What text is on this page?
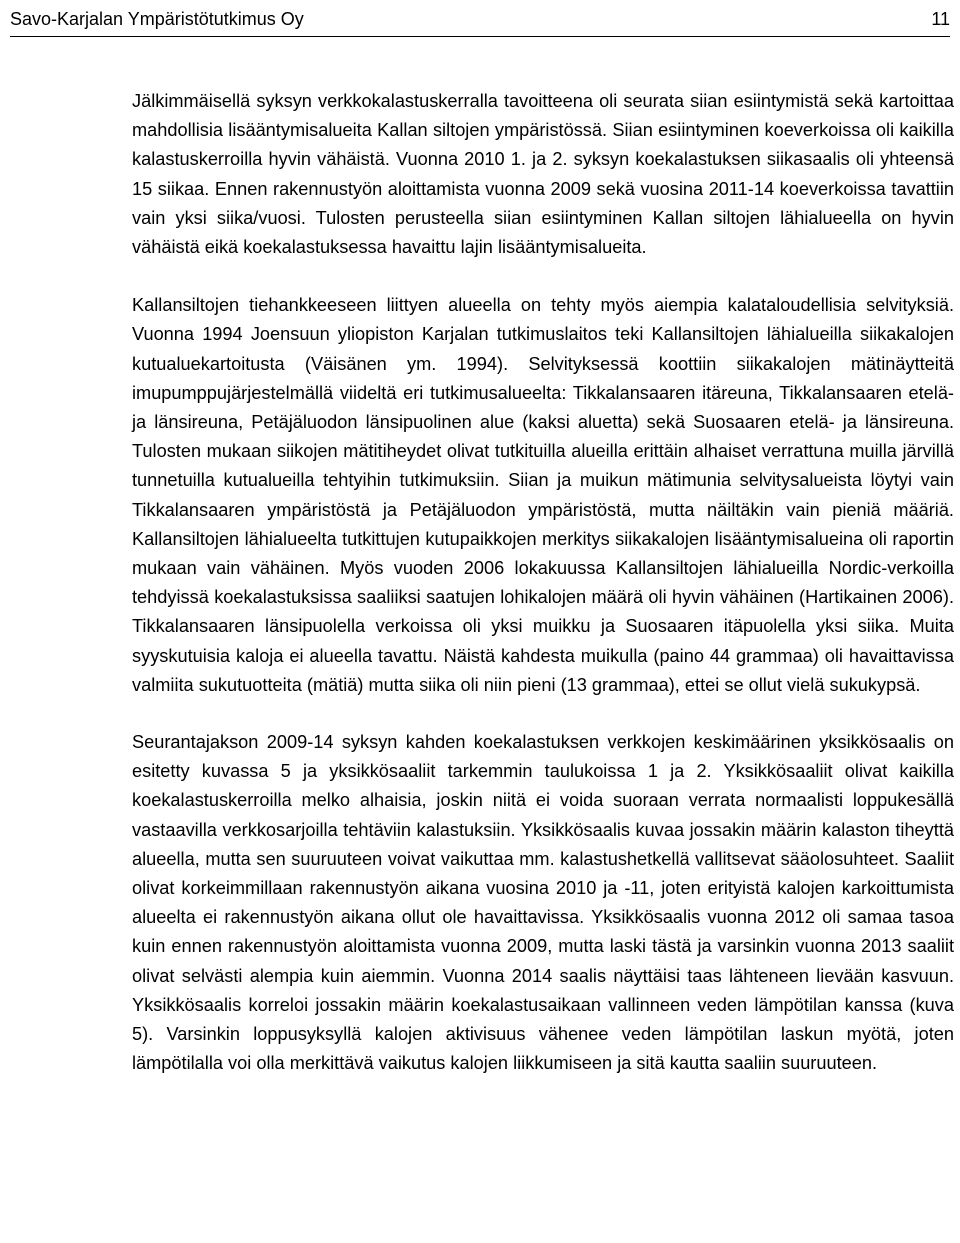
Savo-Karjalan Ympäristötutkimus Oy	11

Jälkimmäisellä syksyn verkkokalastuskerralla tavoitteena oli seurata siian esiintymistä sekä kartoittaa mahdollisia lisääntymisalueita Kallan siltojen ympäristössä. Siian esiintyminen koeverkoissa oli kaikilla kalastuskerroilla hyvin vähäistä. Vuonna 2010 1. ja 2. syksyn koekalastuksen siikasaalis oli yhteensä 15 siikaa. Ennen rakennustyön aloittamista vuonna 2009 sekä vuosina 2011-14 koeverkoissa tavattiin vain yksi siika/vuosi. Tulosten perusteella siian esiintyminen Kallan siltojen lähialueella on hyvin vähäistä eikä koekalastuksessa havaittu lajin lisääntymisalueita.

Kallansiltojen tiehankkeeseen liittyen alueella on tehty myös aiempia kalataloudellisia selvityksiä. Vuonna 1994 Joensuun yliopiston Karjalan tutkimuslaitos teki Kallansiltojen lähialueilla siikakalojen kutualuekartoitusta (Väisänen ym. 1994). Selvityksessä koottiin siikakalojen mätinäytteitä imupumppujärjestelmällä viideltä eri tutkimusalueelta: Tikkalansaaren itäreuna, Tikkalansaaren etelä- ja länsireuna, Petäjäluodon länsipuolinen alue (kaksi aluetta) sekä Suosaaren etelä- ja länsireuna. Tulosten mukaan siikojen mätitiheydet olivat tutkituilla alueilla erittäin alhaiset verrattuna muilla järvillä tunnetuilla kutualueilla tehtyihin tutkimuksiin. Siian ja muikun mätimunia selvitysalueista löytyi vain Tikkalansaaren ympäristöstä ja Petäjäluodon ympäristöstä, mutta näiltäkin vain pieniä määriä. Kallansiltojen lähialueelta tutkittujen kutupaikkojen merkitys siikakalojen lisääntymisalueina oli raportin mukaan vain vähäinen. Myös vuoden 2006 lokakuussa Kallansiltojen lähialueilla Nordic-verkoilla tehdyissä koekalastuksissa saaliiksi saatujen lohikalojen määrä oli hyvin vähäinen (Hartikainen 2006). Tikkalansaaren länsipuolella verkoissa oli yksi muikku ja Suosaaren itäpuolella yksi siika. Muita syyskutuisia kaloja ei alueella tavattu. Näistä kahdesta muikulla (paino 44 grammaa) oli havaittavissa valmiita sukutuotteita (mätiä) mutta siika oli niin pieni (13 grammaa), ettei se ollut vielä sukukypsä.

Seurantajakson 2009-14 syksyn kahden koekalastuksen verkkojen keskimäärinen yksikkösaalis on esitetty kuvassa 5 ja yksikkösaaliit tarkemmin taulukoissa 1 ja 2. Yksikkösaaliit olivat kaikilla koekalastuskerroilla melko alhaisia, joskin niitä ei voida suoraan verrata normaalisti loppukesällä vastaavilla verkkosarjoilla tehtäviin kalastuksiin. Yksikkösaalis kuvaa jossakin määrin kalaston tiheyttä alueella, mutta sen suuruuteen voivat vaikuttaa mm. kalastushetkellä vallitsevat sääolosuhteet. Saaliit olivat korkeimmillaan rakennustyön aikana vuosina 2010 ja -11, joten erityistä kalojen karkoittumista alueelta ei rakennustyön aikana ollut ole havaittavissa. Yksikkösaalis vuonna 2012 oli samaa tasoa kuin ennen rakennustyön aloittamista vuonna 2009, mutta laski tästä ja varsinkin vuonna 2013 saaliit olivat selvästi alempia kuin aiemmin. Vuonna 2014 saalis näyttäisi taas lähteneen lievään kasvuun. Yksikkösaalis korreloi jossakin määrin koekalastusaikaan vallinneen veden lämpötilan kanssa (kuva 5). Varsinkin loppusyksyllä kalojen aktivisuus vähenee veden lämpötilan laskun myötä, joten lämpötilalla voi olla merkittävä vaikutus kalojen liikkumiseen ja sitä kautta saaliin suuruuteen.
